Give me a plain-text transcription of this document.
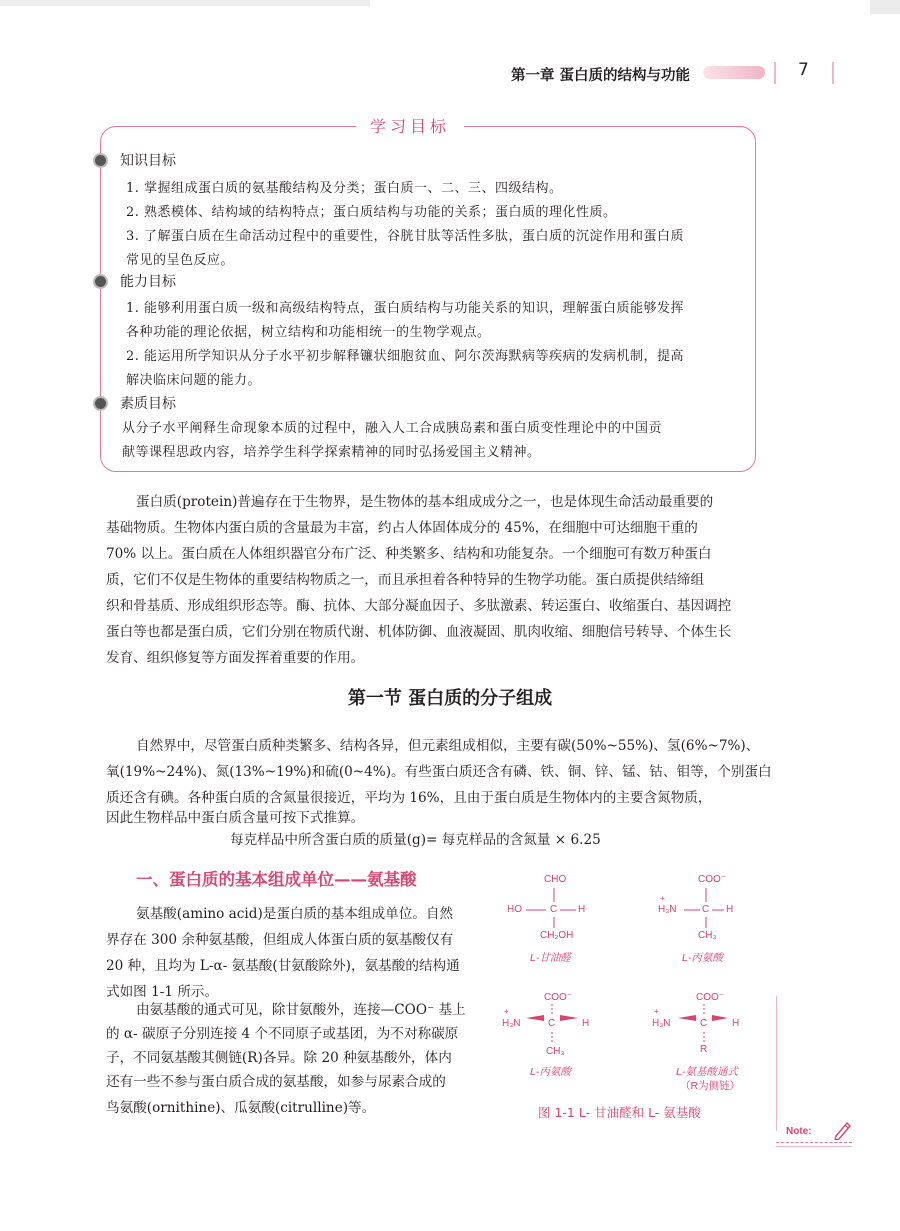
第一章 蛋白质的结构与功能	7
学习目标
知识目标
1. 掌握组成蛋白质的氨基酸结构及分类；蛋白质一、二、三、四级结构。
2. 熟悉模体、结构域的结构特点；蛋白质结构与功能的关系；蛋白质的理化性质。
3. 了解蛋白质在生命活动过程中的重要性，谷胱甘肽等活性多肽，蛋白质的沉淀作用和蛋白质
常见的呈色反应。
能力目标
1. 能够利用蛋白质一级和高级结构特点，蛋白质结构与功能关系的知识，理解蛋白质能够发挥
各种功能的理论依据，树立结构和功能相统一的生物学观点。
2. 能运用所学知识从分子水平初步解释镰状细胞贫血、阿尔茨海默病等疾病的发病机制，提高
解决临床问题的能力。
素质目标
从分子水平阐释生命现象本质的过程中，融入人工合成胰岛素和蛋白质变性理论中的中国贡
献等课程思政内容，培养学生科学探索精神的同时弘扬爱国主义精神。
蛋白质(protein)普遍存在于生物界，是生物体的基本组成成分之一，也是体现生命活动最重要的
基础物质。生物体内蛋白质的含量最为丰富，约占人体固体成分的 45%，在细胞中可达细胞干重的
70% 以上。蛋白质在人体组织器官分布广泛、种类繁多、结构和功能复杂。一个细胞可有数万种蛋白
质，它们不仅是生物体的重要结构物质之一，而且承担着各种特异的生物学功能。蛋白质提供结缔组
织和骨基质、形成组织形态等。酶、抗体、大部分凝血因子、多肽激素、转运蛋白、收缩蛋白、基因调控
蛋白等也都是蛋白质，它们分别在物质代谢、机体防御、血液凝固、肌肉收缩、细胞信号转导、个体生长
发育、组织修复等方面发挥着重要的作用。
第一节 蛋白质的分子组成
自然界中，尽管蛋白质种类繁多、结构各异，但元素组成相似，主要有碳(50%~55%)、氢(6%~7%)、
氧(19%~24%)、氮(13%~19%)和硫(0~4%)。有些蛋白质还含有磷、铁、铜、锌、锰、钴、钼等，个别蛋白
质还含有碘。各种蛋白质的含氮量很接近，平均为 16%，且由于蛋白质是生物体内的主要含氮物质，
因此生物样品中蛋白质含量可按下式推算。
每克样品中所含蛋白质的质量(g)= 每克样品的含氮量 × 6.25
一、蛋白质的基本组成单位——氨基酸
氨基酸(amino acid)是蛋白质的基本组成单位。自然
界存在 300 余种氨基酸，但组成人体蛋白质的氨基酸仅有
20 种，且均为 L-α- 氨基酸(甘氨酸除外)，氨基酸的结构通
式如图 1-1 所示。
由氨基酸的通式可见，除甘氨酸外，连接—COO⁻ 基上
的 α- 碳原子分别连接 4 个不同原子或基团，为不对称碳原
子，不同氨基酸其侧链(R)各异。除 20 种氨基酸外，体内
还有一些不参与蛋白质合成的氨基酸，如参与尿素合成的
鸟氨酸(ornithine)、瓜氨酸(citrulline)等。
CHO
HO	C H
CH₂OH
L-甘油醛
COO⁻
H₃N
+
C H
CH₃
L-丙氨酸
COO⁻
H₃N
+
C	H
CH₃
L-丙氨酸
COO⁻
H₃N
+
C H
R
L-氨基酸通式
（R为侧链）
图 1-1 L- 甘油醛和 L- 氨基酸
Note:
